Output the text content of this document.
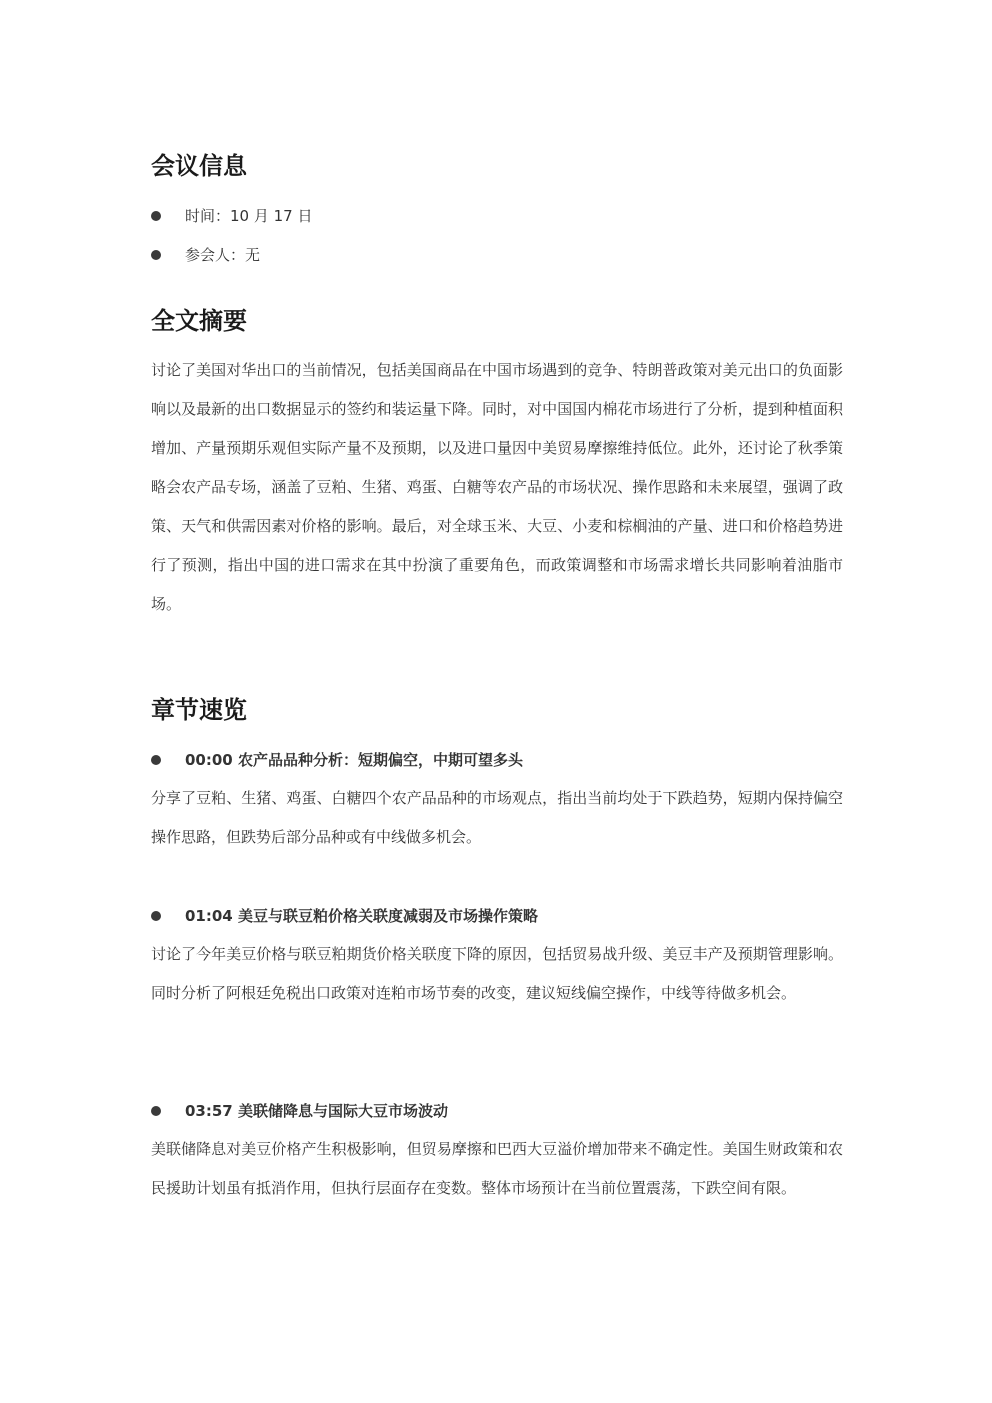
会议信息
时间：10 月 17 日
参会人：无
全文摘要

讨论了美国对华出口的当前情况，包括美国商品在中国市场遇到的竞争、特朗普政策对美元出口的负面影响以及最新的出口数据显示的签约和装运量下降。同时，对中国国内棉花市场进行了分析，提到种植面积增加、产量预期乐观但实际产量不及预期，以及进口量因中美贸易摩擦维持低位。此外，还讨论了秋季策略会农产品专场，涵盖了豆粕、生猪、鸡蛋、白糖等农产品的市场状况、操作思路和未来展望，强调了政策、天气和供需因素对价格的影响。最后，对全球玉米、大豆、小麦和棕榈油的产量、进口和价格趋势进行了预测，指出中国的进口需求在其中扮演了重要角色，而政策调整和市场需求增长共同影响着油脂市场。

章节速览
00:00 农产品品种分析：短期偏空，中期可望多头

分享了豆粕、生猪、鸡蛋、白糖四个农产品品种的市场观点，指出当前均处于下跌趋势，短期内保持偏空操作思路，但跌势后部分品种或有中线做多机会。

01:04 美豆与联豆粕价格关联度减弱及市场操作策略

讨论了今年美豆价格与联豆粕期货价格关联度下降的原因，包括贸易战升级、美豆丰产及预期管理影响。同时分析了阿根廷免税出口政策对连粕市场节奏的改变，建议短线偏空操作，中线等待做多机会。

03:57 美联储降息与国际大豆市场波动

美联储降息对美豆价格产生积极影响，但贸易摩擦和巴西大豆溢价增加带来不确定性。美国生财政策和农民援助计划虽有抵消作用，但执行层面存在变数。整体市场预计在当前位置震荡，下跌空间有限。
